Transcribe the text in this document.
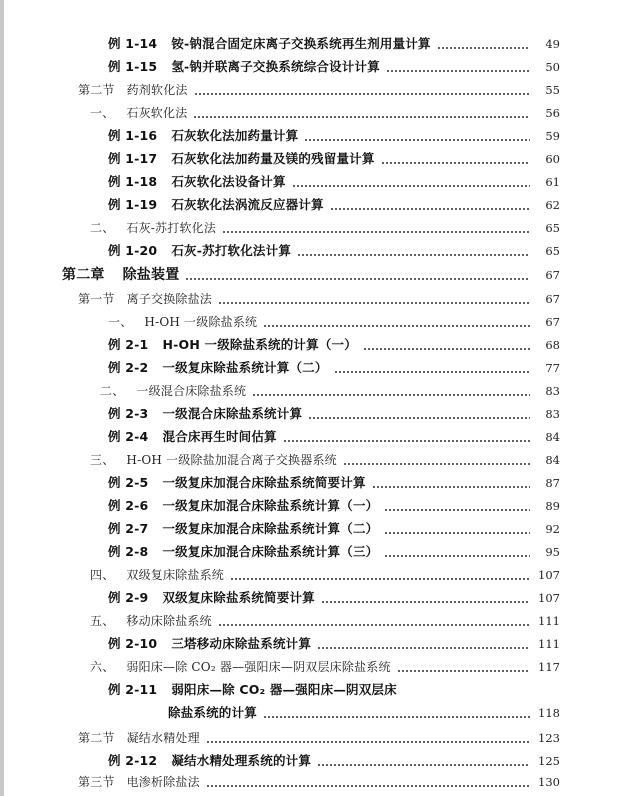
例 1-14 铵-钠混合固定床离子交换系统再生剂用量计算	49
例 1-15 氢-钠并联离子交换系统综合设计计算	50
第二节 药剂软化法	55
一、 石灰软化法	56
例 1-16 石灰软化法加药量计算	59
例 1-17 石灰软化法加药量及镁的残留量计算	60
例 1-18 石灰软化法设备计算	61
例 1-19 石灰软化法涡流反应器计算	62
二、 石灰-苏打软化法	65
例 1-20 石灰-苏打软化法计算	65
第二章 除盐装置	67
第一节 离子交换除盐法	67
一、 H-OH 一级除盐系统	67
例 2-1 H-OH 一级除盐系统的计算（一）	68
例 2-2 一级复床除盐系统计算（二）	77
二、 一级混合床除盐系统	83
例 2-3 一级混合床除盐系统计算	83
例 2-4 混合床再生时间估算	84
三、 H-OH 一级除盐加混合离子交换器系统	84
例 2-5 一级复床加混合床除盐系统简要计算	87
例 2-6 一级复床加混合床除盐系统计算（一）	89
例 2-7 一级复床加混合床除盐系统计算（二）	92
例 2-8 一级复床加混合床除盐系统计算（三）	95
四、 双级复床除盐系统	107
例 2-9 双级复床除盐系统简要计算	107
五、 移动床除盐系统	111
例 2-10 三塔移动床除盐系统计算	111
六、 弱阳床—除 CO₂ 器—强阳床—阴双层床除盐系统	117
例 2-11 弱阳床—除 CO₂ 器—强阳床—阴双层床
除盐系统的计算	118
第二节 凝结水精处理	123
例 2-12 凝结水精处理系统的计算	125
第三节 电渗析除盐法	130
